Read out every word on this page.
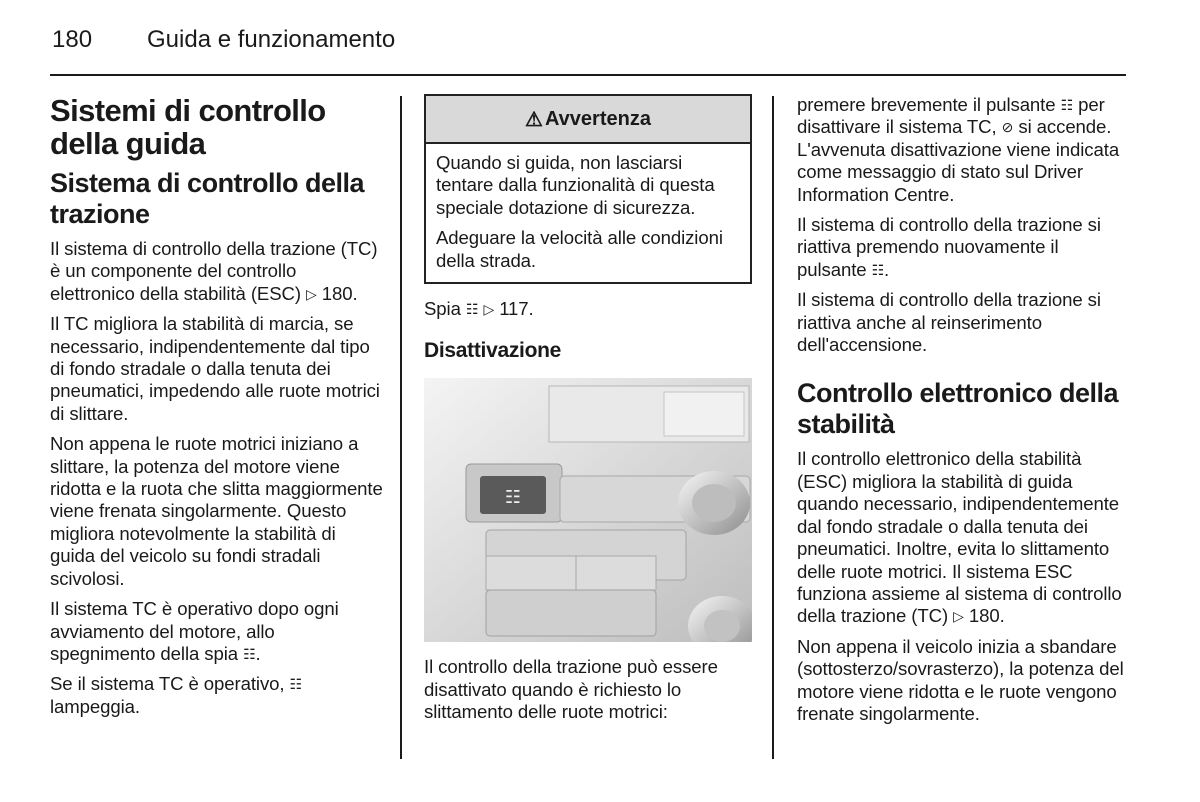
180 Guida e funzionamento
Sistemi di controllo della guida
Sistema di controllo della trazione

Il sistema di controllo della trazione (TC) è un componente del controllo elettronico della stabilità (ESC) ▷ 180.

Il TC migliora la stabilità di marcia, se necessario, indipendentemente dal tipo di fondo stradale o dalla tenuta dei pneumatici, impedendo alle ruote motrici di slittare.

Non appena le ruote motrici iniziano a slittare, la potenza del motore viene ridotta e la ruota che slitta maggiormente viene frenata singolarmente. Questo migliora notevolmente la stabilità di guida del veicolo su fondi stradali scivolosi.

Il sistema TC è operativo dopo ogni avviamento del motore, allo spegnimento della spia ☷.

Se il sistema TC è operativo, ☷ lampeggia.

⚠ Avvertenza

Quando si guida, non lasciarsi tentare dalla funzionalità di questa speciale dotazione di sicurezza.

Adeguare la velocità alle condizioni della strada.

Spia ☷ ▷ 117.

Disattivazione
☷

Il controllo della trazione può essere disattivato quando è richiesto lo slittamento delle ruote motrici:

premere brevemente il pulsante ☷ per disattivare il sistema TC, ⊘ si accende. L'avvenuta disattivazione viene indicata come messaggio di stato sul Driver Information Centre.

Il sistema di controllo della trazione si riattiva premendo nuovamente il pulsante ☷.

Il sistema di controllo della trazione si riattiva anche al reinserimento dell'accensione.

Controllo elettronico della stabilità

Il controllo elettronico della stabilità (ESC) migliora la stabilità di guida quando necessario, indipendentemente dal fondo stradale o dalla tenuta dei pneumatici. Inoltre, evita lo slittamento delle ruote motrici. Il sistema ESC funziona assieme al sistema di controllo della trazione (TC) ▷ 180.

Non appena il veicolo inizia a sbandare (sottosterzo/sovrasterzo), la potenza del motore viene ridotta e le ruote vengono frenate singolarmente.
